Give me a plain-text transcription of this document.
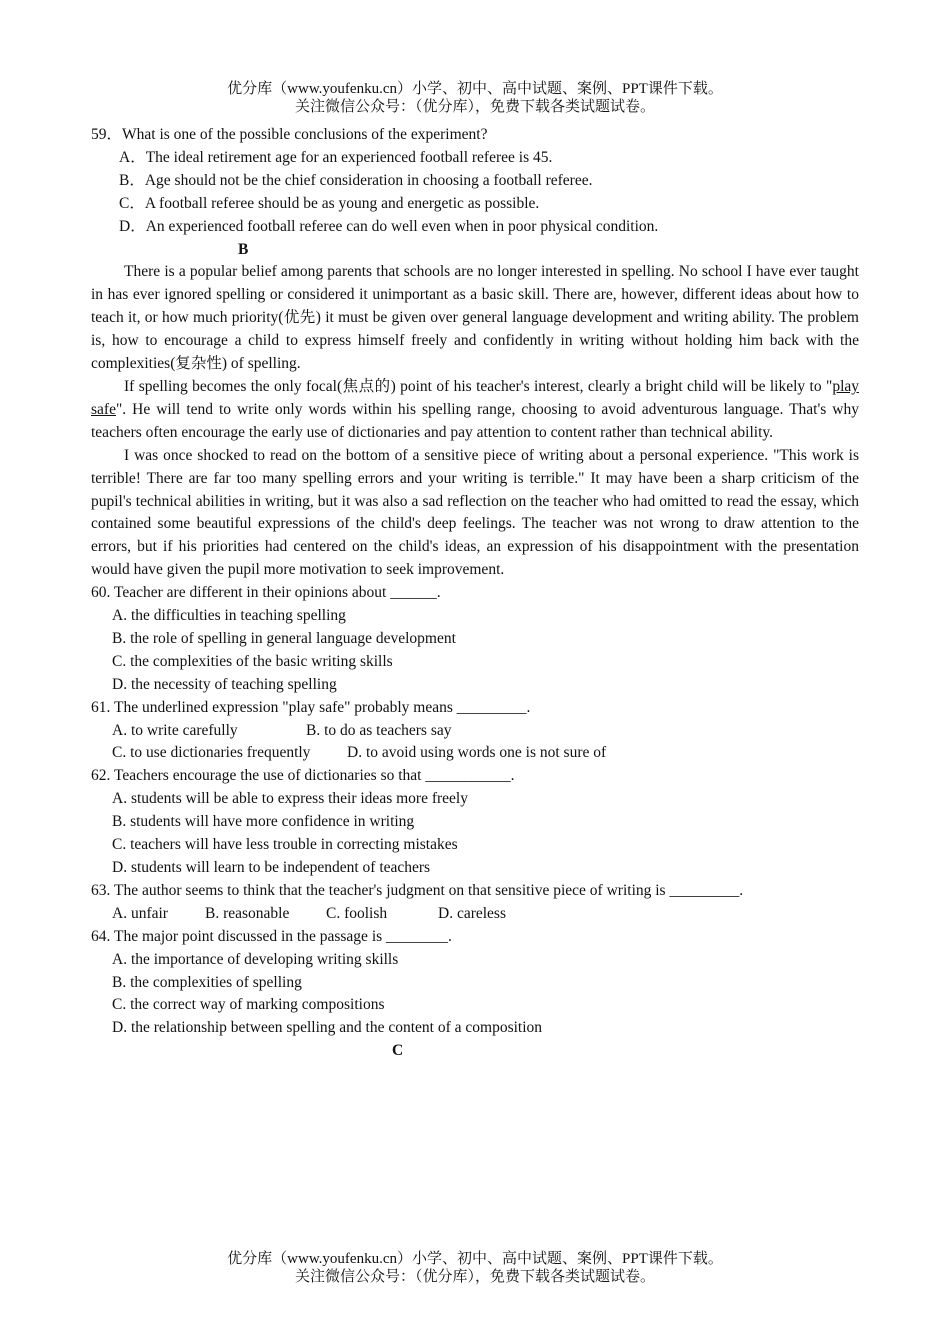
优分库（www.youfenku.cn）小学、初中、高中试题、案例、PPT课件下载。
关注微信公众号：（优分库），免费下载各类试题试卷。
59．What is one of the possible conclusions of the experiment?
A．The ideal retirement age for an experienced football referee is 45.
B．Age should not be the chief consideration in choosing a football referee.
C．A football referee should be as young and energetic as possible.
D．An experienced football referee can do well even when in poor physical condition.
B

There is a popular belief among parents that schools are no longer interested in spelling. No school I have ever taught in has ever ignored spelling or considered it unimportant as a basic skill. There are, however, different ideas about how to teach it, or how much priority(优先) it must be given over general language development and writing ability. The problem is, how to encourage a child to express himself freely and confidently in writing without holding him back with the complexities(复杂性) of spelling.

If spelling becomes the only focal(焦点的) point of his teacher's interest, clearly a bright child will be likely to "play safe". He will tend to write only words within his spelling range, choosing to avoid adventurous language. That's why teachers often encourage the early use of dictionaries and pay attention to content rather than technical ability.

I was once shocked to read on the bottom of a sensitive piece of writing about a personal experience. "This work is terrible! There are far too many spelling errors and your writing is terrible." It may have been a sharp criticism of the pupil's technical abilities in writing, but it was also a sad reflection on the teacher who had omitted to read the essay, which contained some beautiful expressions of the child's deep feelings. The teacher was not wrong to draw attention to the errors, but if his priorities had centered on the child's ideas, an expression of his disappointment with the presentation would have given the pupil more motivation to seek improvement.

60. Teacher are different in their opinions about ______.
A. the difficulties in teaching spelling
B. the role of spelling in general language development
C. the complexities of the basic writing skills
D. the necessity of teaching spelling
61. The underlined expression "play safe" probably means _________.
A. to write carefully	B. to do as teachers say
C. to use dictionaries frequently D. to avoid using words one is not sure of
62. Teachers encourage the use of dictionaries so that ___________.
A. students will be able to express their ideas more freely
B. students will have more confidence in writing
C. teachers will have less trouble in correcting mistakes
D. students will learn to be independent of teachers
63. The author seems to think that the teacher's judgment on that sensitive piece of writing is _________.
A. unfair B. reasonable C. foolish	D. careless
64. The major point discussed in the passage is ________.
A. the importance of developing writing skills
B. the complexities of spelling
C. the correct way of marking compositions
D. the relationship between spelling and the content of a composition
C
优分库（www.youfenku.cn）小学、初中、高中试题、案例、PPT课件下载。
关注微信公众号：（优分库），免费下载各类试题试卷。
